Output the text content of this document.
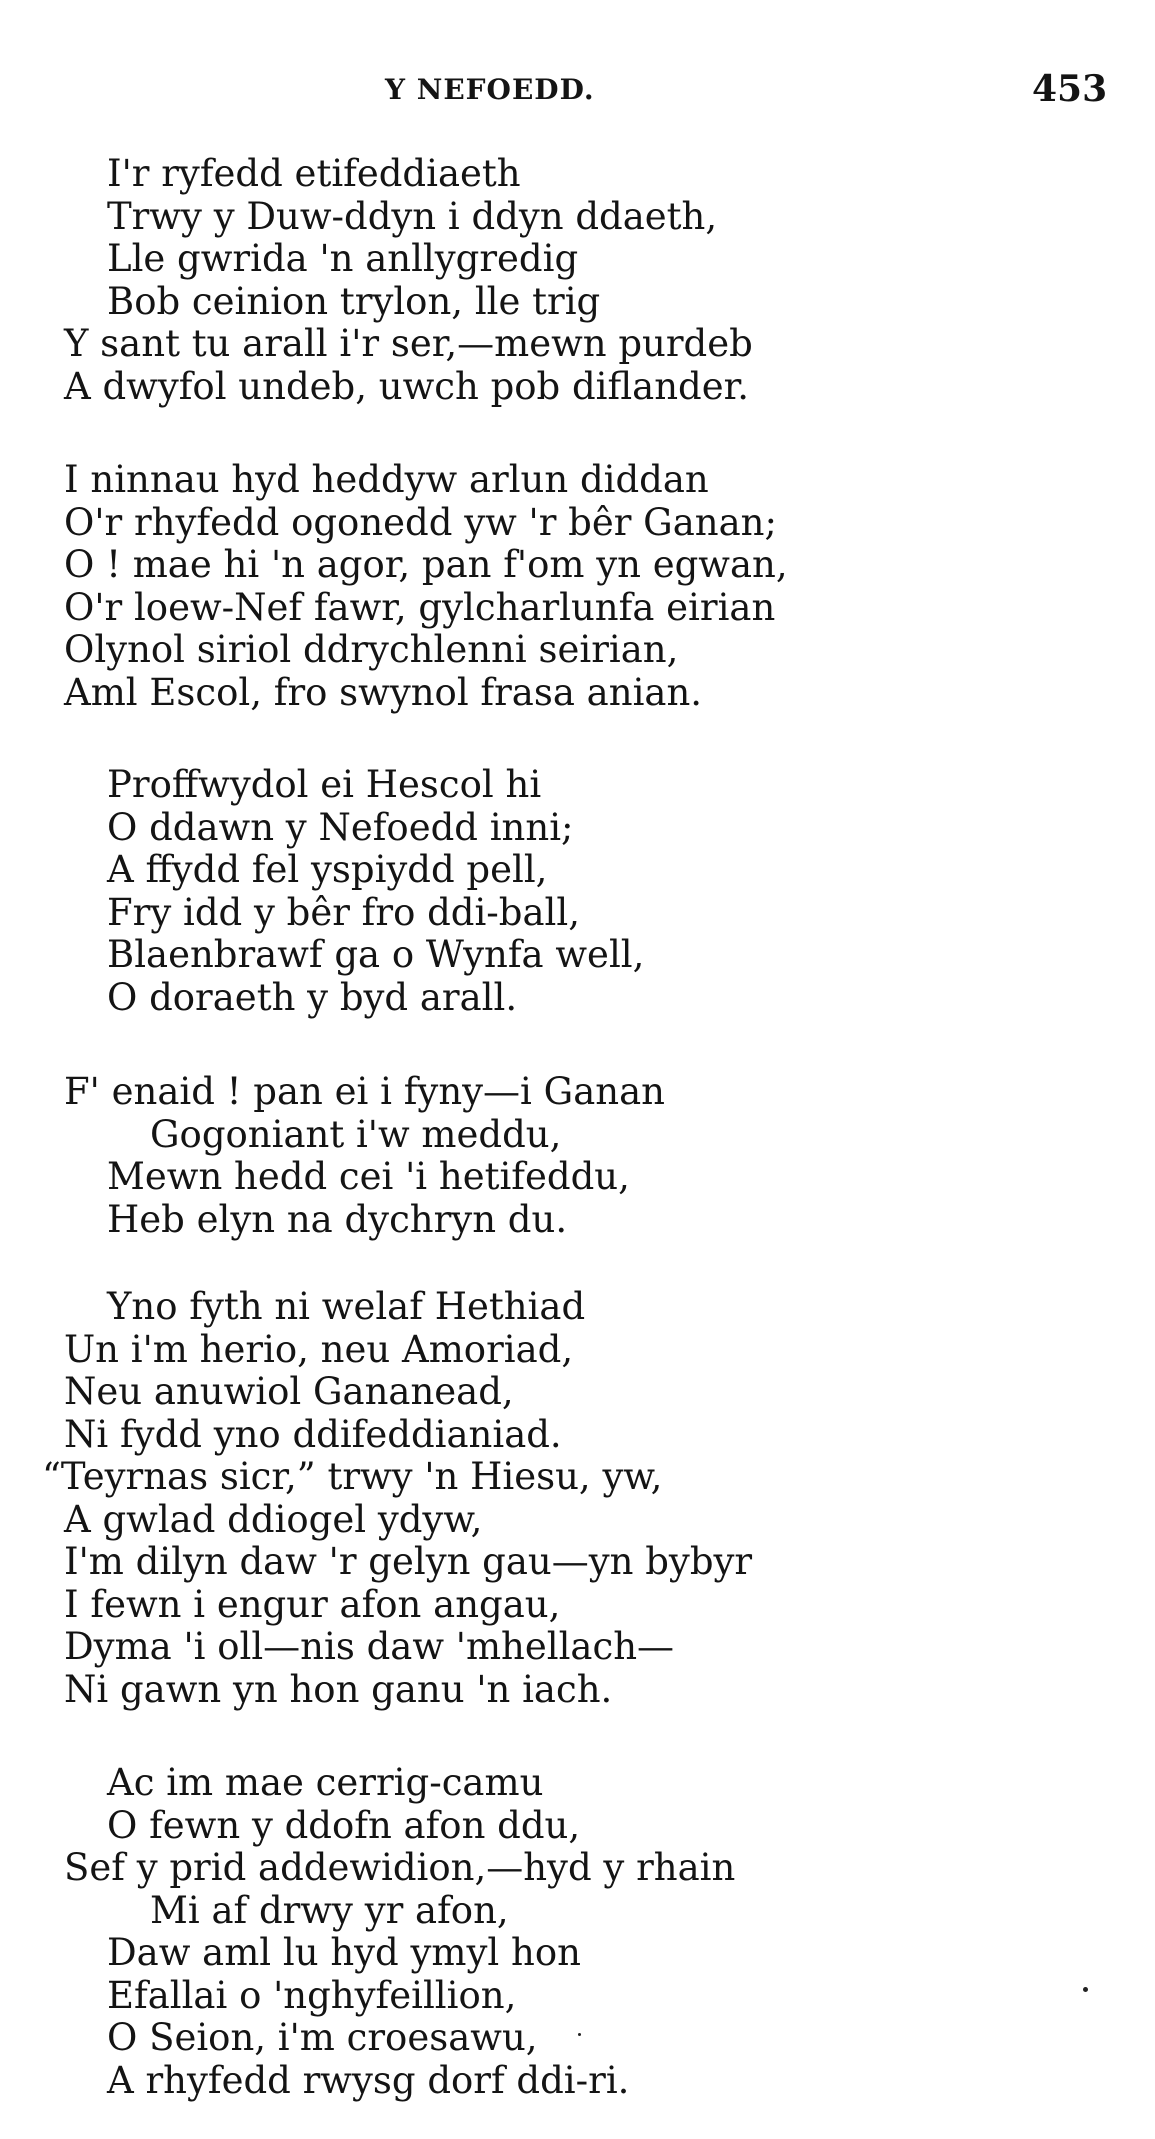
Y NEFOEDD.	453
I'r ryfedd etifeddiaeth
Trwy y Duw-ddyn i ddyn ddaeth,
Lle gwrida 'n anllygredig
Bob ceinion trylon, lle trig
Y sant tu arall i'r ser,—mewn purdeb
A dwyfol undeb, uwch pob diflander.
I ninnau hyd heddyw arlun diddan
O'r rhyfedd ogonedd yw 'r bêr Ganan;
O ! mae hi 'n agor, pan f'om yn egwan,
O'r loew-Nef fawr, gylcharlunfa eirian
Olynol siriol ddrychlenni seirian,
Aml Escol, fro swynol frasa anian.
Proffwydol ei Hescol hi
O ddawn y Nefoedd inni;
A ffydd fel yspiydd pell,
Fry idd y bêr fro ddi-ball,
Blaenbrawf ga o Wynfa well,
O doraeth y byd arall.
F' enaid ! pan ei i fyny—i Ganan
Gogoniant i'w meddu,
Mewn hedd cei 'i hetifeddu,
Heb elyn na dychryn du.
Yno fyth ni welaf Hethiad
Un i'm herio, neu Amoriad,
Neu anuwiol Gananead,
Ni fydd yno ddifeddianiad.
“Teyrnas sicr,” trwy 'n Hiesu, yw,
A gwlad ddiogel ydyw,
I'm dilyn daw 'r gelyn gau—yn bybyr
I fewn i engur afon angau,
Dyma 'i oll—nis daw 'mhellach—
Ni gawn yn hon ganu 'n iach.
Ac im mae cerrig-camu
O fewn y ddofn afon ddu,
Sef y prid addewidion,—hyd y rhain
Mi af drwy yr afon,
Daw aml lu hyd ymyl hon
Efallai o 'nghyfeillion,
O Seion, i'm croesawu,
A rhyfedd rwysg dorf ddi-ri.
